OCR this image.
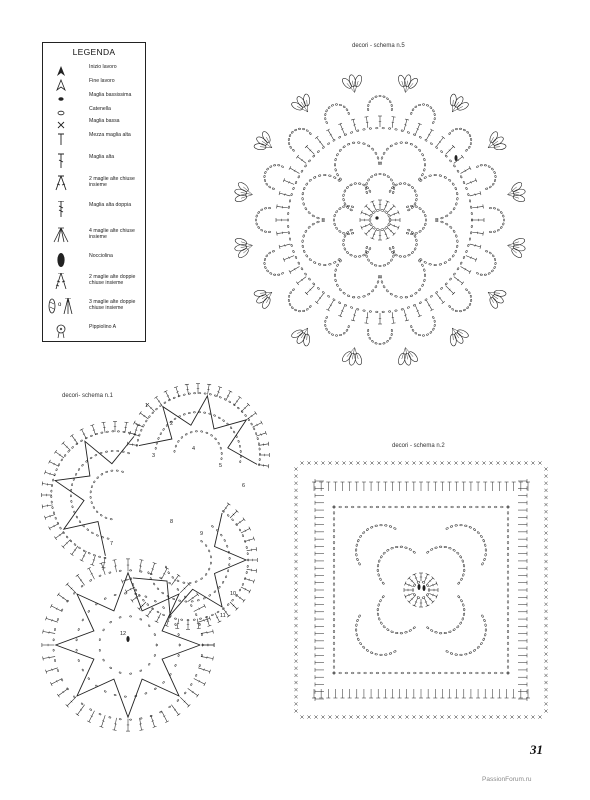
LEGENDA
Inizio lavoro
Fine lavoro
Maglia bassissima
Catenella
Maglia bassa
Mezza maglia alta
Maglia alta
2 maglie alte chiuse insieme
Maglia alta doppia
4 maglie alte chiuse insieme
Nocciolina
2 maglie alte doppie chiuse insieme
o	3 maglie alte doppie chiuse insieme
Pippiolino A
decori - schema n.5
decori- schema n.1
1
2
3
4
5
6
7
8
9
10
11
12
decori - schema n.2
31
PassionForum.ru
